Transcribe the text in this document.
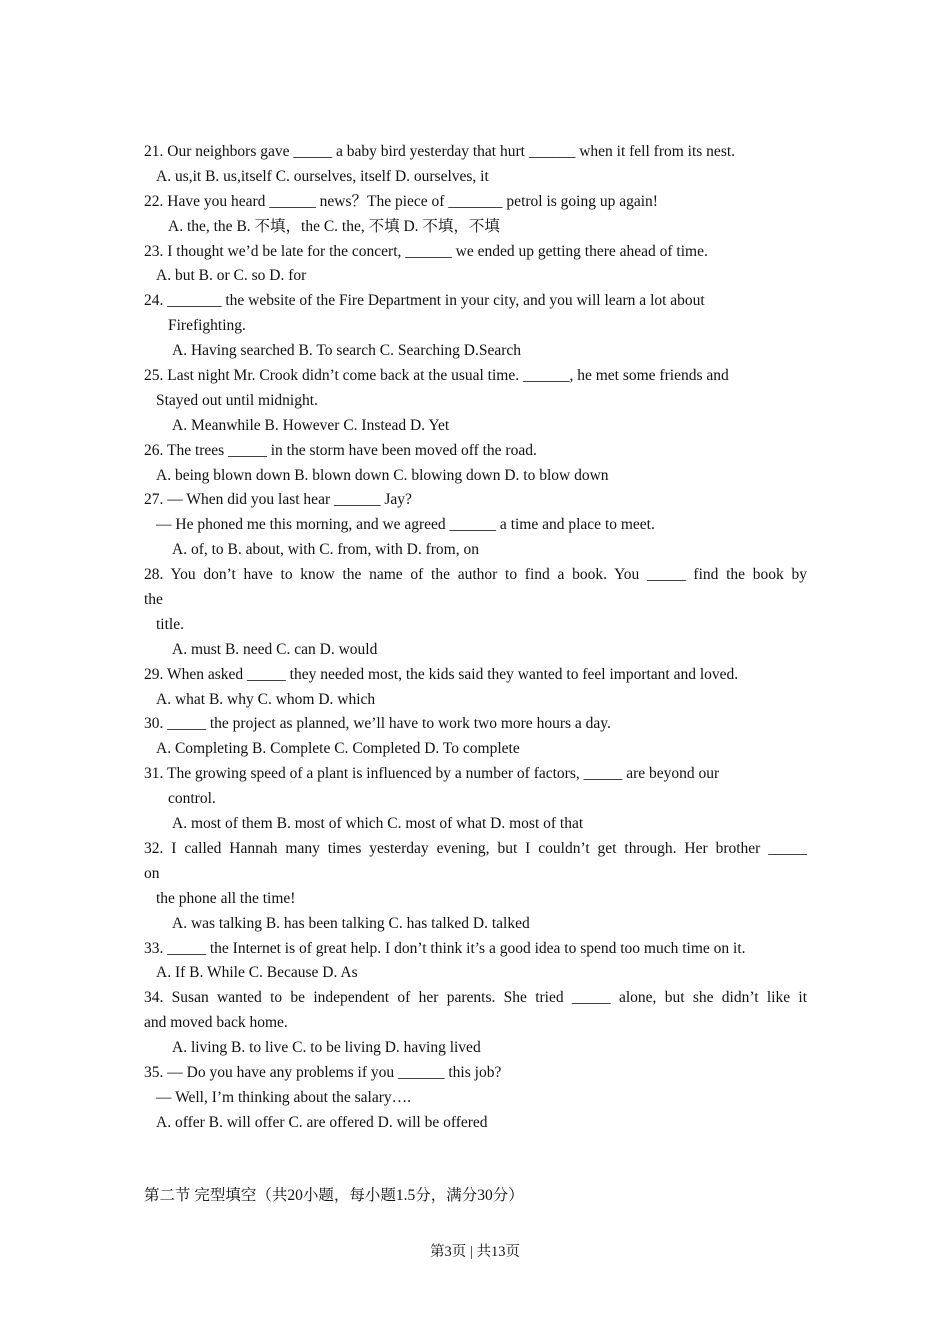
21. Our neighbors gave _____ a baby bird yesterday that hurt ______ when it fell from its nest.
A. us,it B. us,itself C. ourselves, itself D. ourselves, it
22. Have you heard ______ news？The piece of _______ petrol is going up again!
A. the, the B. 不填，the C. the, 不填 D. 不填，不填
23. I thought we’d be late for the concert, ______ we ended up getting there ahead of time.
A. but B. or C. so D. for
24. _______ the website of the Fire Department in your city, and you will learn a lot about
Firefighting.
A. Having searched B. To search C. Searching D.Search
25. Last night Mr. Crook didn’t come back at the usual time. ______, he met some friends and
Stayed out until midnight.
A. Meanwhile B. However C. Instead D. Yet
26. The trees _____ in the storm have been moved off the road.
A. being blown down B. blown down C. blowing down D. to blow down
27. — When did you last hear ______ Jay?
— He phoned me this morning, and we agreed ______ a time and place to meet.
A. of, to B. about, with C. from, with D. from, on
28. You don’t have to know the name of the author to find a book. You _____ find the book by
the
title.
A. must B. need C. can D. would
29. When asked _____ they needed most, the kids said they wanted to feel important and loved.
A. what B. why C. whom D. which
30. _____ the project as planned, we’ll have to work two more hours a day.
A. Completing B. Complete C. Completed D. To complete
31. The growing speed of a plant is influenced by a number of factors, _____ are beyond our
control.
A. most of them B. most of which C. most of what D. most of that
32. I called Hannah many times yesterday evening, but I couldn’t get through. Her brother _____
on
the phone all the time!
A. was talking B. has been talking C. has talked D. talked
33. _____ the Internet is of great help. I don’t think it’s a good idea to spend too much time on it.
A. If B. While C. Because D. As
34. Susan wanted to be independent of her parents. She tried _____ alone, but she didn’t like it
and moved back home.
A. living B. to live C. to be living D. having lived
35. — Do you have any problems if you ______ this job?
— Well, I’m thinking about the salary….
A. offer B. will offer C. are offered D. will be offered
第二节 完型填空（共20小题，每小题1.5分，满分30分）
第3页 | 共13页
